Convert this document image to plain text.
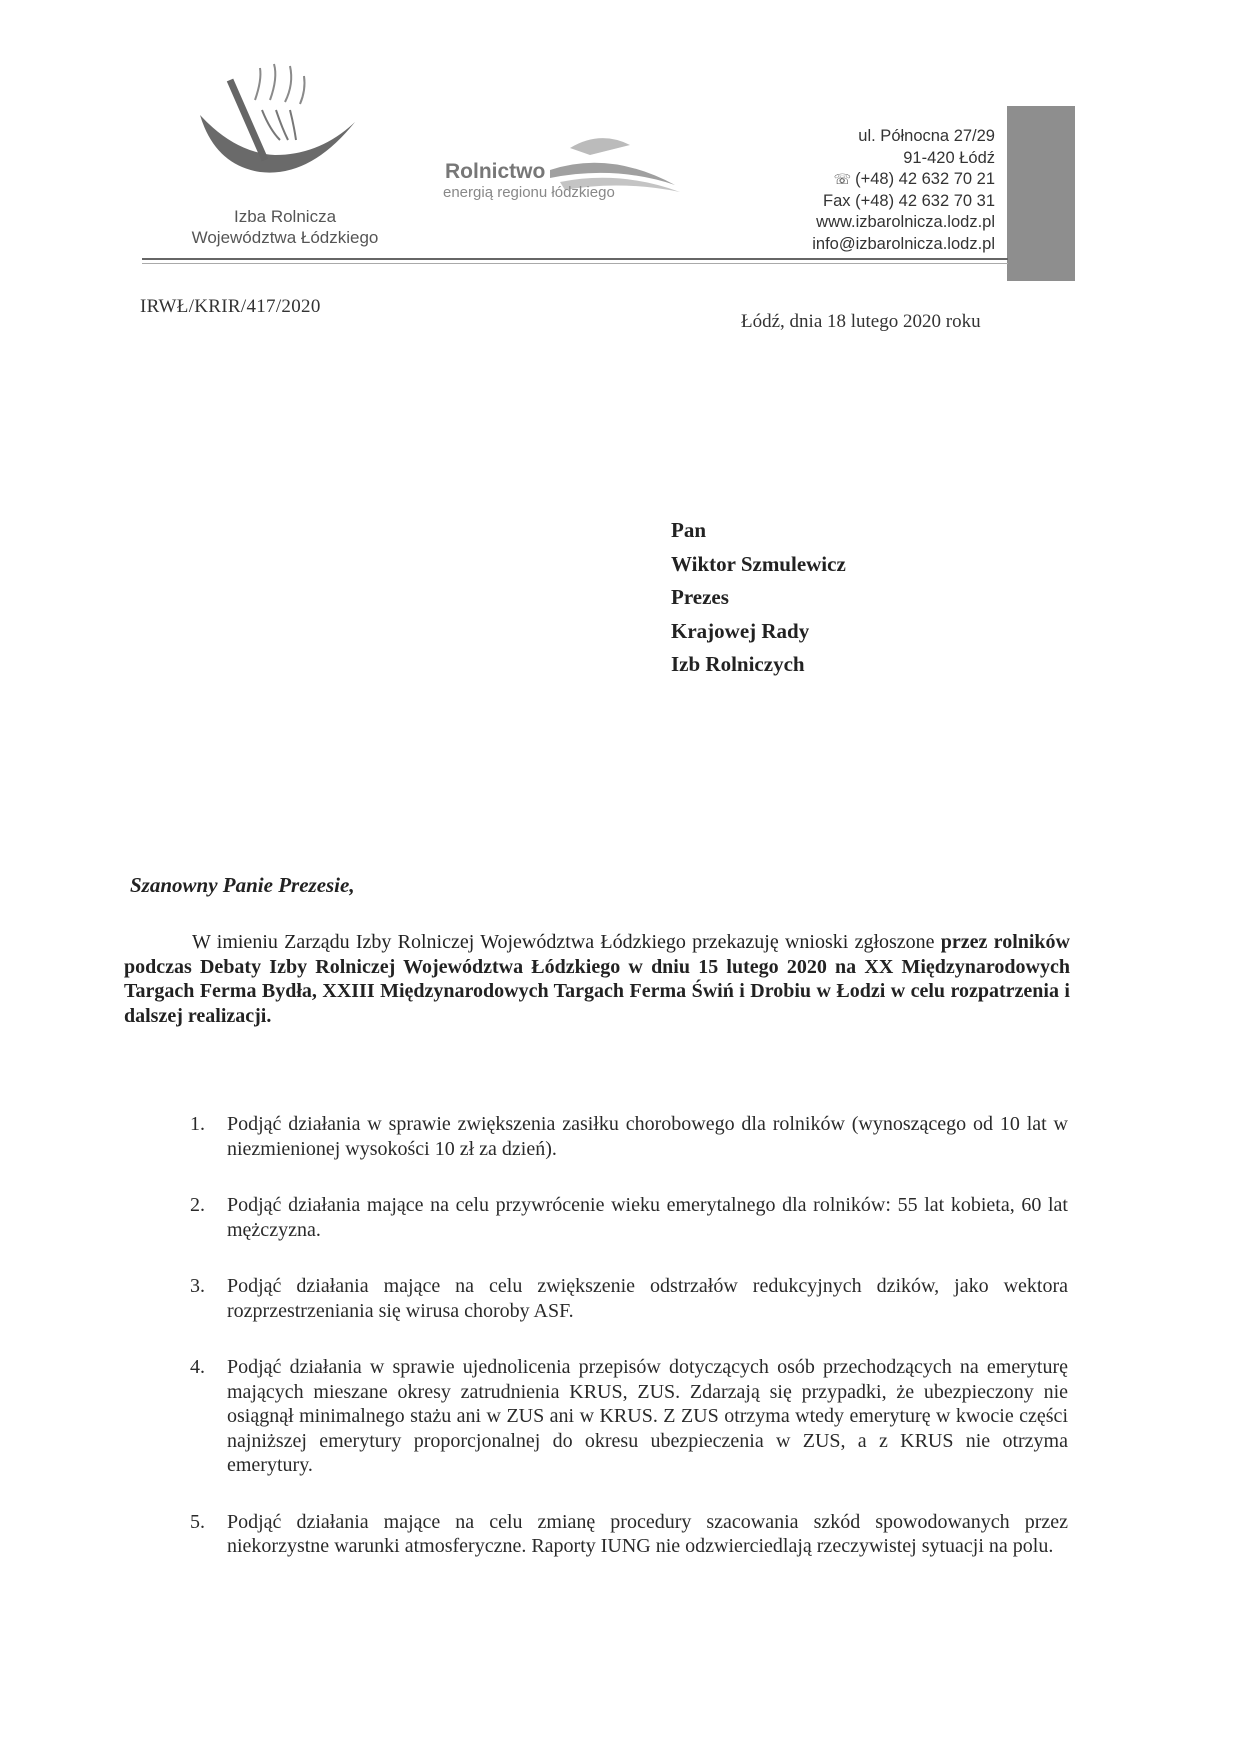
Izba Rolnicza
Województwa Łódzkiego
Rolnictwo
energią regionu łódzkiego
ul. Północna 27/29
91-420 Łódź
☏ (+48) 42 632 70 21
Fax (+48) 42 632 70 31
www.izbarolnicza.lodz.pl
info@izbarolnicza.lodz.pl
IRWŁ/KRIR/417/2020
Łódź, dnia 18 lutego 2020 roku
Pan
Wiktor Szmulewicz
Prezes
Krajowej Rady
Izb Rolniczych
Szanowny Panie Prezesie,

W imieniu Zarządu Izby Rolniczej Województwa Łódzkiego przekazuję wnioski zgłoszone przez rolników podczas Debaty Izby Rolniczej Województwa Łódzkiego w dniu 15 lutego 2020 na XX Międzynarodowych Targach Ferma Bydła, XXIII Międzynarodowych Targach Ferma Świń i Drobiu w Łodzi w celu rozpatrzenia i dalszej realizacji.

1. Podjąć działania w sprawie zwiększenia zasiłku chorobowego dla rolników (wynoszącego od 10 lat w niezmienionej wysokości 10 zł za dzień).
2. Podjąć działania mające na celu przywrócenie wieku emerytalnego dla rolników: 55 lat kobieta, 60 lat mężczyzna.
3. Podjąć działania mające na celu zwiększenie odstrzałów redukcyjnych dzików, jako wektora rozprzestrzeniania się wirusa choroby ASF.
4. Podjąć działania w sprawie ujednolicenia przepisów dotyczących osób przechodzących na emeryturę mających mieszane okresy zatrudnienia KRUS, ZUS. Zdarzają się przypadki, że ubezpieczony nie osiągnął minimalnego stażu ani w ZUS ani w KRUS. Z ZUS otrzyma wtedy emeryturę w kwocie części najniższej emerytury proporcjonalnej do okresu ubezpieczenia w ZUS, a z KRUS nie otrzyma emerytury.
5. Podjąć działania mające na celu zmianę procedury szacowania szkód spowodowanych przez niekorzystne warunki atmosferyczne. Raporty IUNG nie odzwierciedlają rzeczywistej sytuacji na polu.
